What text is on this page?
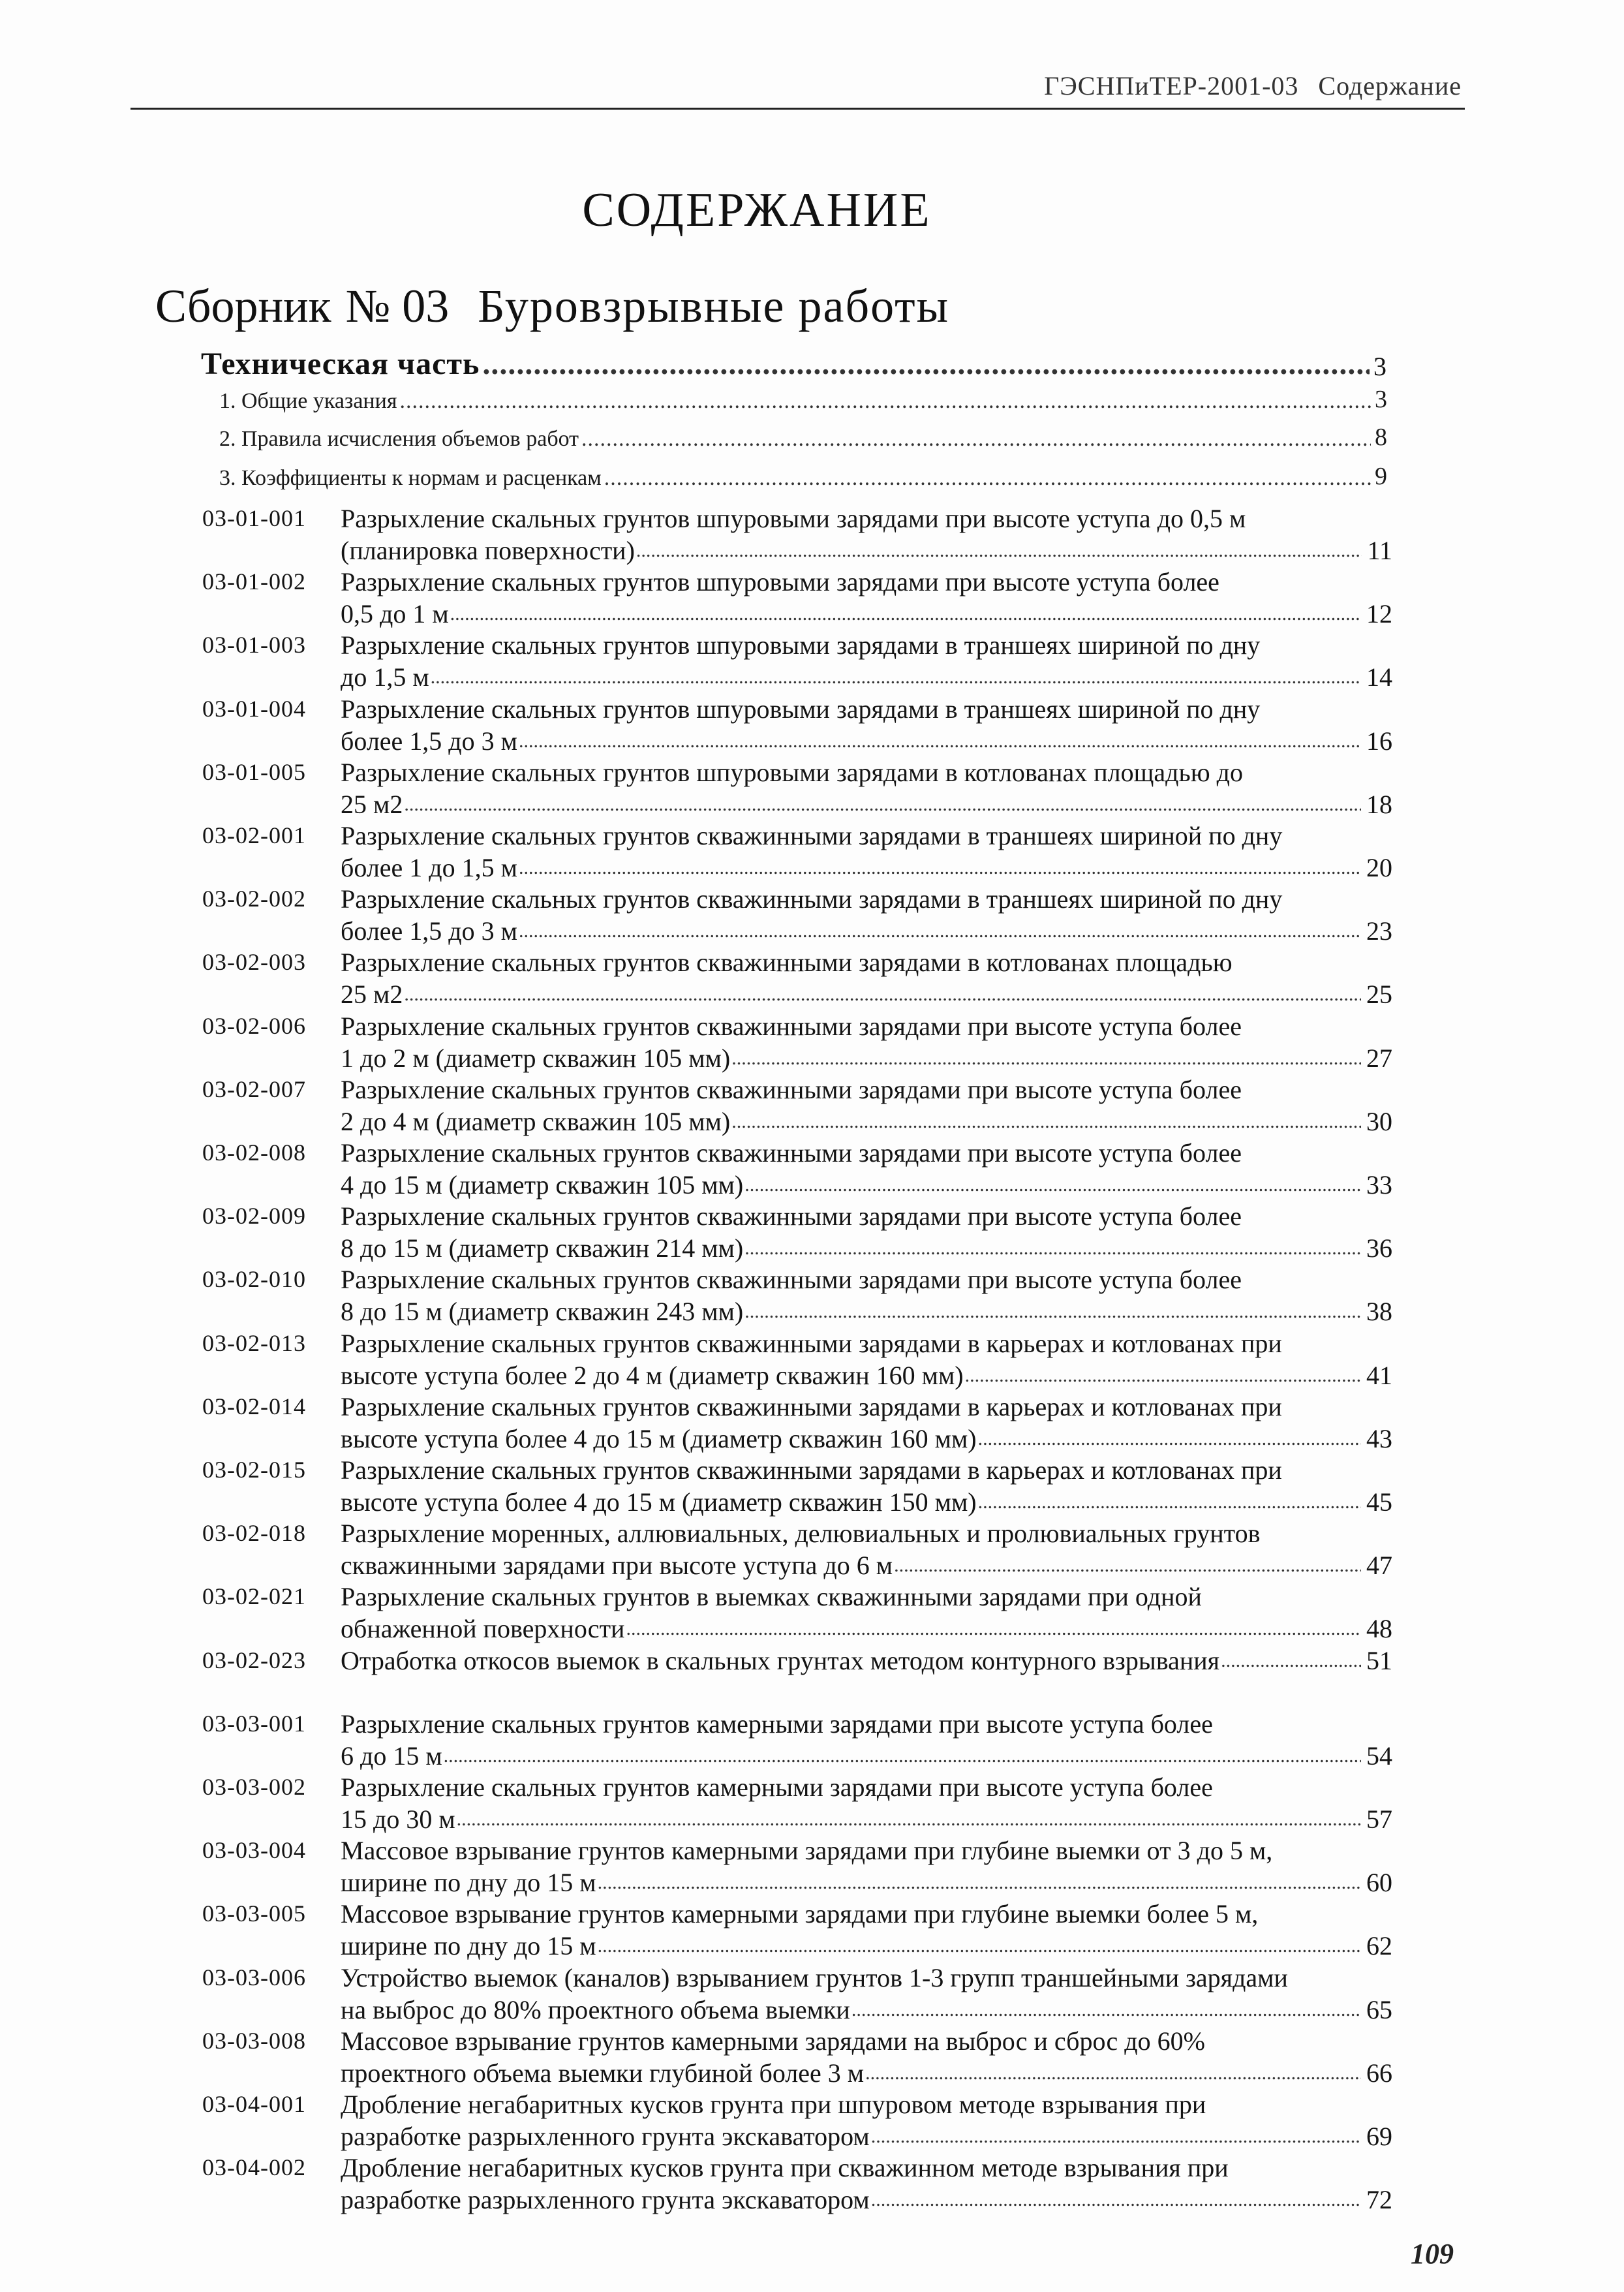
ГЭСНПиТЕР-2001-03 Содержание
СОДЕРЖАНИЕ
Сборник № 03 Буровзрывные работы
Техническая часть .....	3
1. Общие указания .....	3
2. Правила исчисления объемов работ .....	8
3. Коэффициенты к нормам и расценкам .....	9
03-01-001	Разрыхление скальных грунтов шпуровыми зарядами при высоте уступа до 0,5 м
(планировка поверхности) .....	11
03-01-002	Разрыхление скальных грунтов шпуровыми зарядами при высоте уступа более
0,5 до 1 м .....	12
03-01-003	Разрыхление скальных грунтов шпуровыми зарядами в траншеях шириной по дну
до 1,5 м .....	14
03-01-004	Разрыхление скальных грунтов шпуровыми зарядами в траншеях шириной по дну
более 1,5 до 3 м .....	16
03-01-005	Разрыхление скальных грунтов шпуровыми зарядами в котлованах площадью до
25 м2 .....	18
03-02-001	Разрыхление скальных грунтов скважинными зарядами в траншеях шириной по дну
более 1 до 1,5 м .....	20
03-02-002	Разрыхление скальных грунтов скважинными зарядами в траншеях шириной по дну
более 1,5 до 3 м .....	23
03-02-003	Разрыхление скальных грунтов скважинными зарядами в котлованах площадью
25 м2 .....	25
03-02-006	Разрыхление скальных грунтов скважинными зарядами при высоте уступа более
1 до 2 м (диаметр скважин 105 мм) .....	27
03-02-007	Разрыхление скальных грунтов скважинными зарядами при высоте уступа более
2 до 4 м (диаметр скважин 105 мм) .....	30
03-02-008	Разрыхление скальных грунтов скважинными зарядами при высоте уступа более
4 до 15 м (диаметр скважин 105 мм) .....	33
03-02-009	Разрыхление скальных грунтов скважинными зарядами при высоте уступа более
8 до 15 м (диаметр скважин 214 мм) .....	36
03-02-010	Разрыхление скальных грунтов скважинными зарядами при высоте уступа более
8 до 15 м (диаметр скважин 243 мм) .....	38
03-02-013	Разрыхление скальных грунтов скважинными зарядами в карьерах и котлованах при
высоте уступа более 2 до 4 м (диаметр скважин 160 мм) .....	41
03-02-014	Разрыхление скальных грунтов скважинными зарядами в карьерах и котлованах при
высоте уступа более 4 до 15 м (диаметр скважин 160 мм) .....	43
03-02-015	Разрыхление скальных грунтов скважинными зарядами в карьерах и котлованах при
высоте уступа более 4 до 15 м (диаметр скважин 150 мм) .....	45
03-02-018	Разрыхление моренных, аллювиальных, делювиальных и пролювиальных грунтов
скважинными зарядами при высоте уступа до 6 м .....	47
03-02-021	Разрыхление скальных грунтов в выемках скважинными зарядами при одной
обнаженной поверхности .....	48
03-02-023	Отработка откосов выемок в скальных грунтах методом контурного взрывания .....	51
03-03-001	Разрыхление скальных грунтов камерными зарядами при высоте уступа более
6 до 15 м .....	54
03-03-002	Разрыхление скальных грунтов камерными зарядами при высоте уступа более
15 до 30 м .....	57
03-03-004	Массовое взрывание грунтов камерными зарядами при глубине выемки от 3 до 5 м,
ширине по дну до 15 м .....	60
03-03-005	Массовое взрывание грунтов камерными зарядами при глубине выемки более 5 м,
ширине по дну до 15 м .....	62
03-03-006	Устройство выемок (каналов) взрыванием грунтов 1-3 групп траншейными зарядами
на выброс до 80% проектного объема выемки .....	65
03-03-008	Массовое взрывание грунтов камерными зарядами на выброс и сброс до 60%
проектного объема выемки глубиной более 3 м .....	66
03-04-001	Дробление негабаритных кусков грунта при шпуровом методе взрывания при
разработке разрыхленного грунта экскаватором .....	69
03-04-002	Дробление негабаритных кусков грунта при скважинном методе взрывания при
разработке разрыхленного грунта экскаватором .....	72
109
